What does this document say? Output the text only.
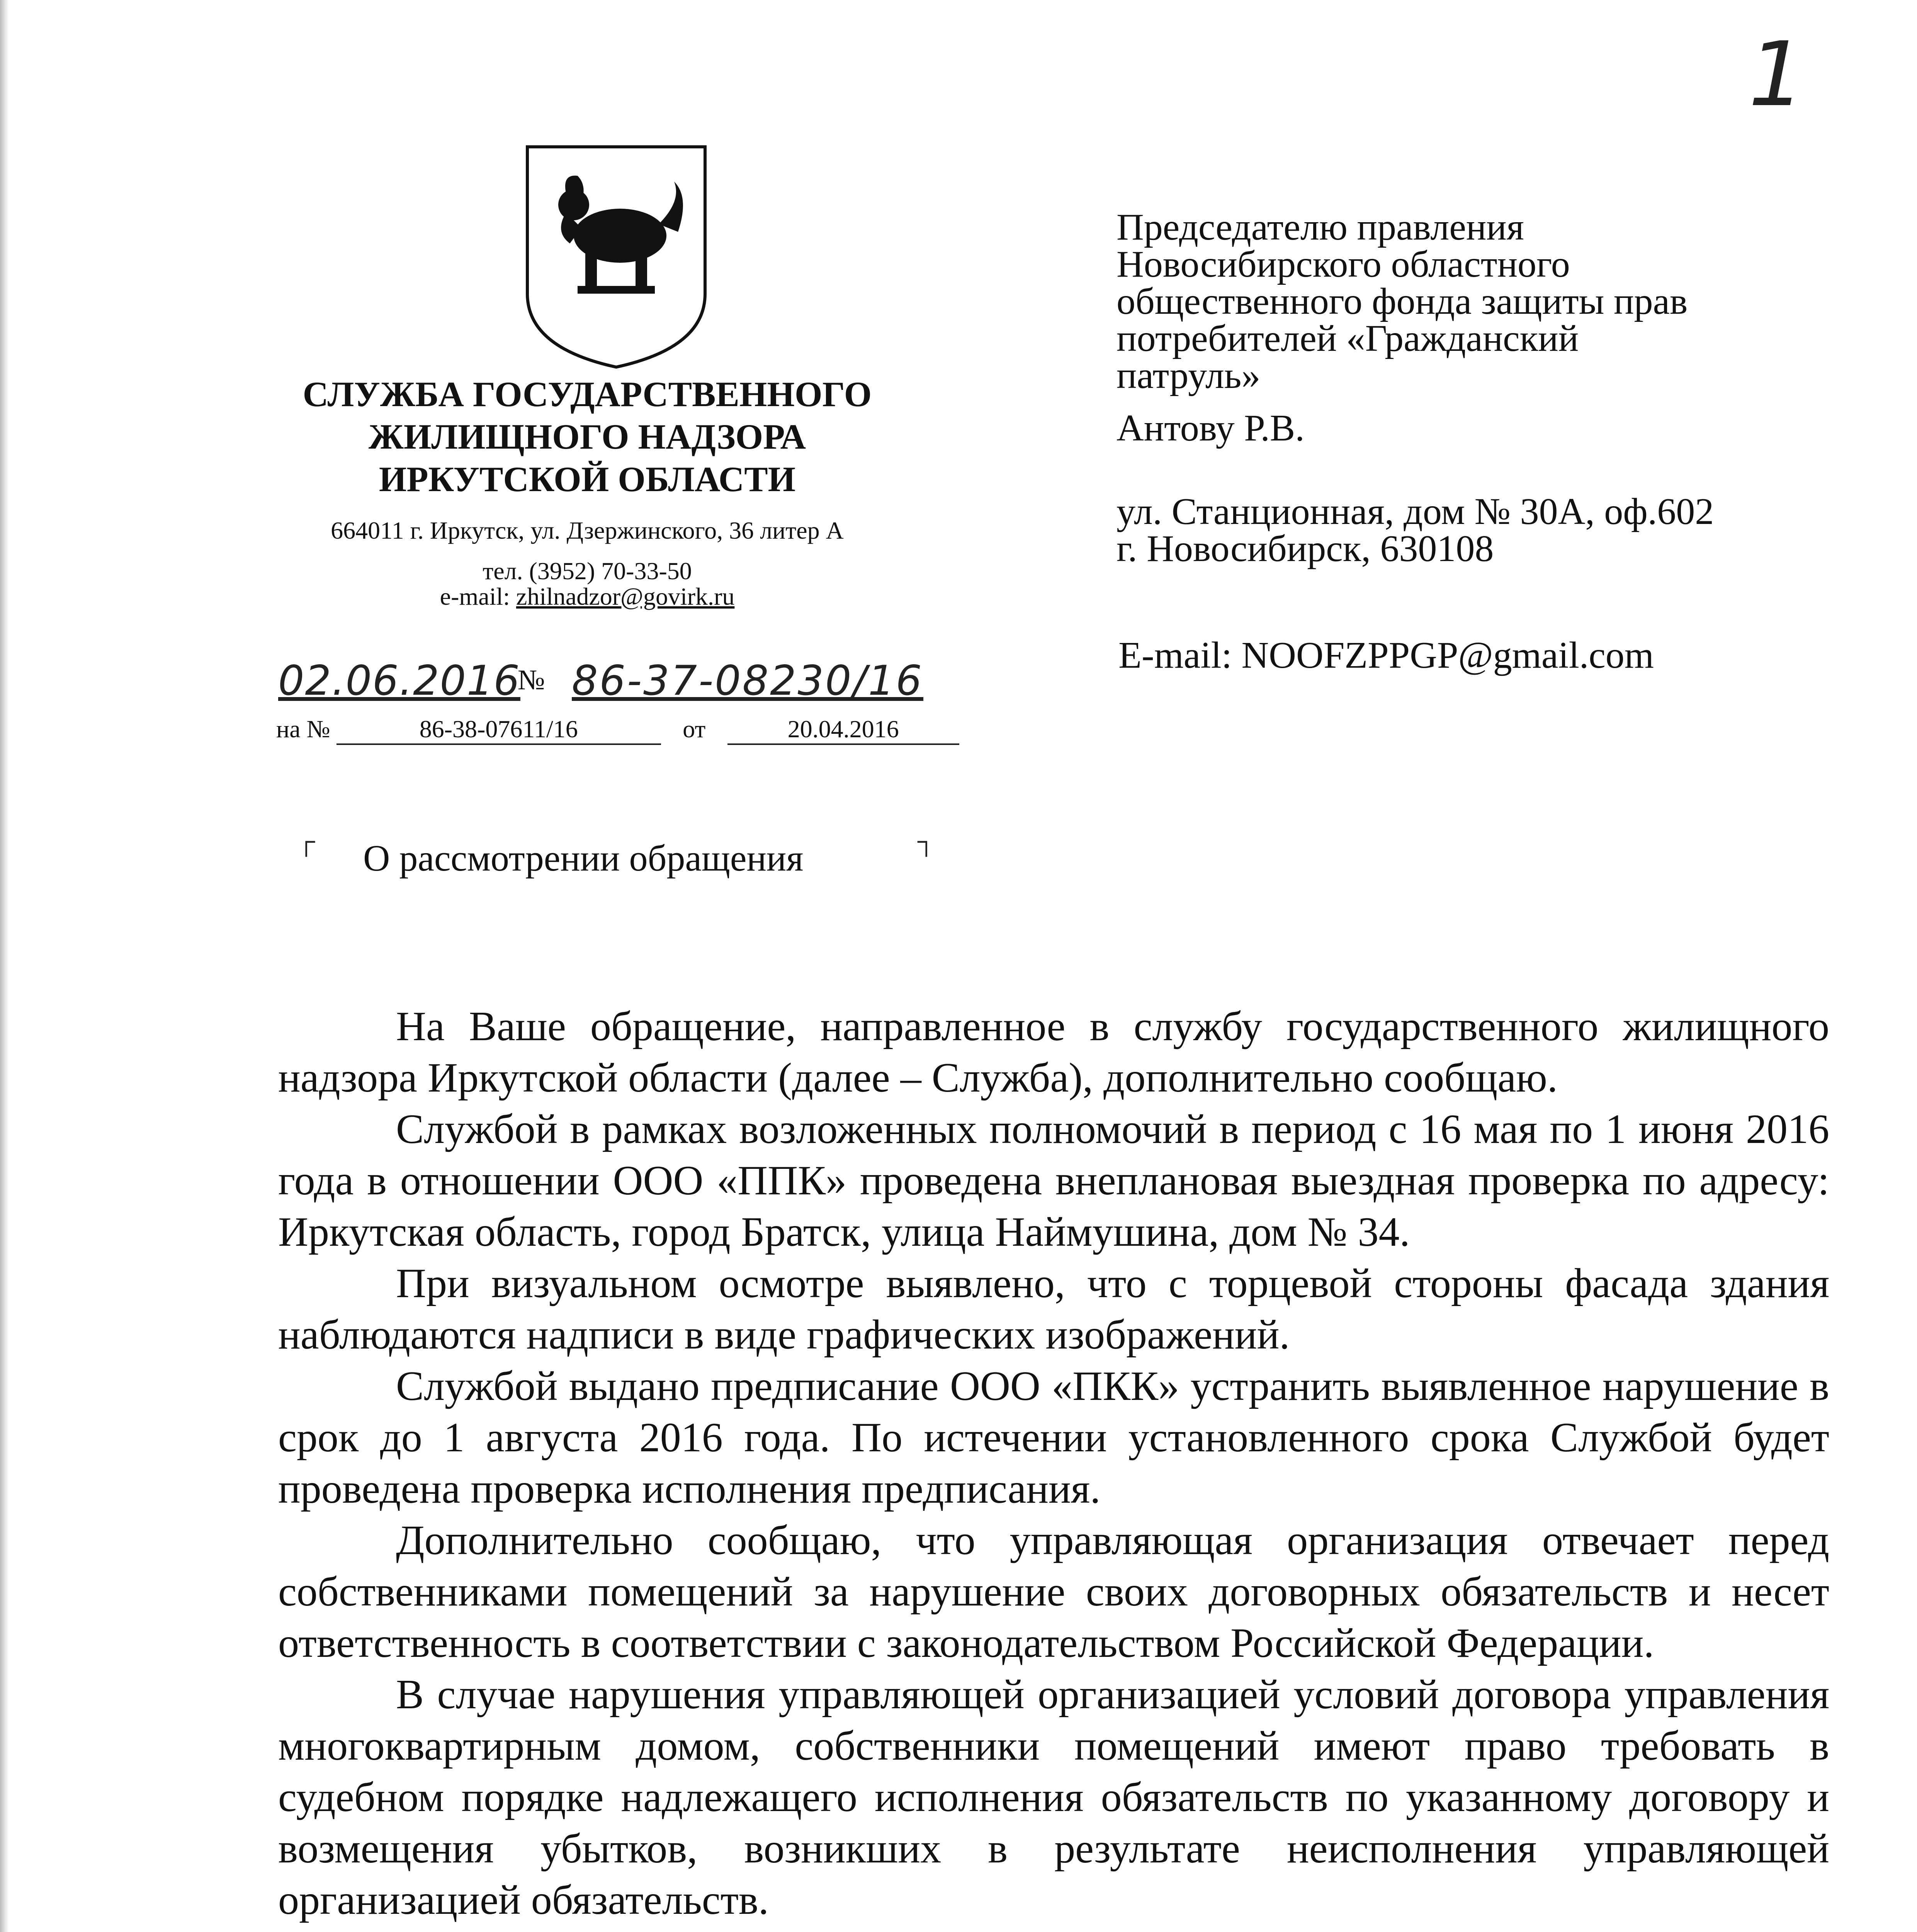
1
СЛУЖБА ГОСУДАРСТВЕННОГО
ЖИЛИЩНОГО НАДЗОРА
ИРКУТСКОЙ ОБЛАСТИ
664011 г. Иркутск, ул. Дзержинского, 36 литер А
тел. (3952) 70-33-50
e-mail: zhilnadzor@govirk.ru
02.06.2016
№ 86-37-08230/16
на №	86-38-07611/16	от	20.04.2016
┌ О рассмотрении обращения	┐
Председателю правления
Новосибирского областного
общественного фонда защиты прав
потребителей «Гражданский
патруль»
Антову Р.В.
ул. Станционная, дом № 30А, оф.602
г. Новосибирск, 630108
E-mail: NOOFZPPGP@gmail.com

На Ваше обращение, направленное в службу государственного жилищного надзора Иркутской области (далее – Служба), дополнительно сообщаю.

Службой в рамках возложенных полномочий в период с 16 мая по 1 июня 2016 года в отношении ООО «ППК» проведена внеплановая выездная проверка по адресу: Иркутская область, город Братск, улица Наймушина, дом № 34.

При визуальном осмотре выявлено, что с торцевой стороны фасада здания наблюдаются надписи в виде графических изображений.

Службой выдано предписание ООО «ПКК» устранить выявленное нарушение в срок до 1 августа 2016 года. По истечении установленного срока Службой будет проведена проверка исполнения предписания.

Дополнительно сообщаю, что управляющая организация отвечает перед собственниками помещений за нарушение своих договорных обязательств и несет ответственность в соответствии с законодательством Российской Федерации.

В случае нарушения управляющей организацией условий договора управления многоквартирным домом, собственники помещений имеют право требовать в судебном порядке надлежащего исполнения обязательств по указанному договору и возмещения убытков, возникших в результате неисполнения управляющей организацией обязательств.
